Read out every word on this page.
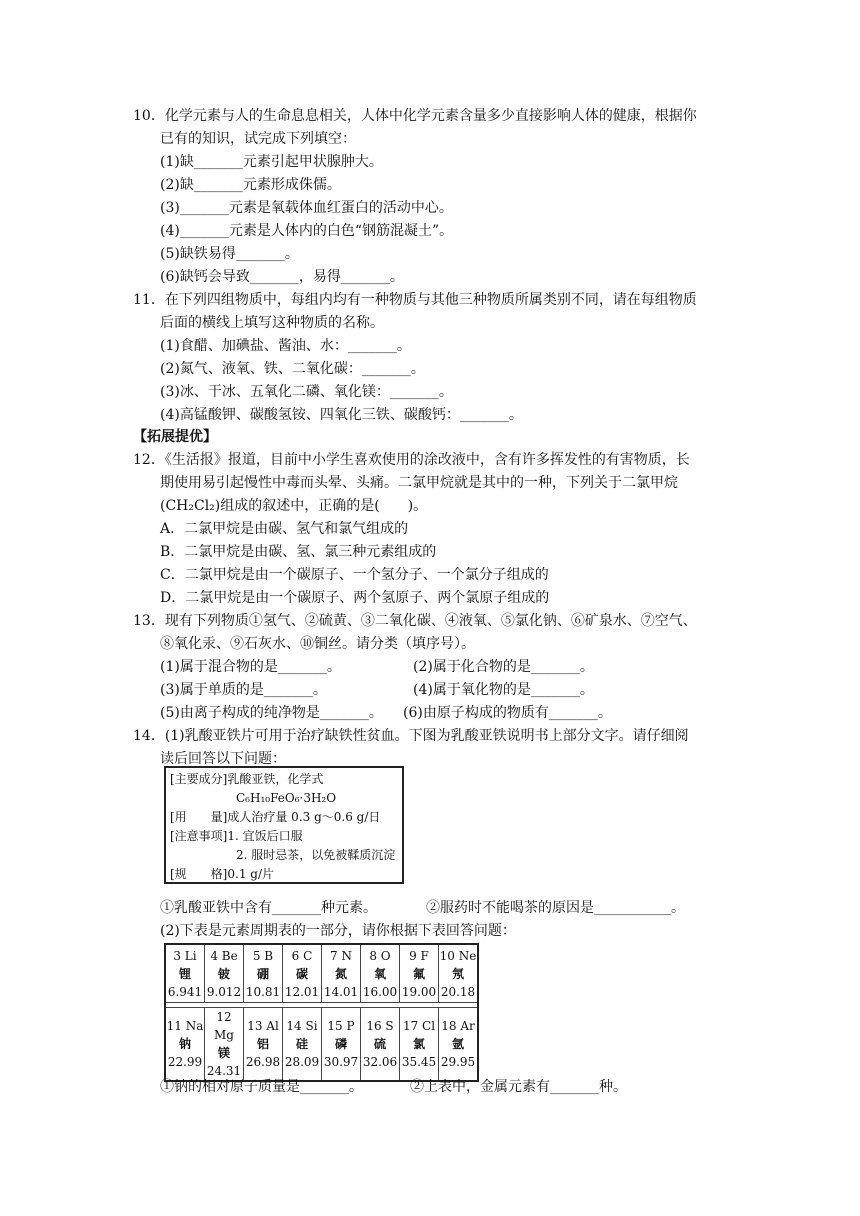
10．化学元素与人的生命息息相关，人体中化学元素含量多少直接影响人体的健康，根据你
已有的知识，试完成下列填空：
(1)缺_______元素引起甲状腺肿大。
(2)缺_______元素形成侏儒。
(3)_______元素是氧载体血红蛋白的活动中心。
(4)_______元素是人体内的白色“钢筋混凝土”。
(5)缺铁易得_______。
(6)缺钙会导致_______，易得_______。
11．在下列四组物质中，每组内均有一种物质与其他三种物质所属类别不同，请在每组物质
后面的横线上填写这种物质的名称。
(1)食醋、加碘盐、酱油、水：_______。
(2)氮气、液氧、铁、二氧化碳：_______。
(3)冰、干冰、五氧化二磷、氧化镁：_______。
(4)高锰酸钾、碳酸氢铵、四氧化三铁、碳酸钙：_______。
【拓展提优】
12．《生活报》报道，目前中小学生喜欢使用的涂改液中，含有许多挥发性的有害物质，长
期使用易引起慢性中毒而头晕、头痛。二氯甲烷就是其中的一种，下列关于二氯甲烷
(CH₂Cl₂)组成的叙述中，正确的是(　　)。
A．二氯甲烷是由碳、氢气和氯气组成的
B．二氯甲烷是由碳、氢、氯三种元素组成的
C．二氯甲烷是由一个碳原子、一个氢分子、一个氯分子组成的
D．二氯甲烷是由一个碳原子、两个氢原子、两个氯原子组成的
13．现有下列物质①氢气、②硫黄、③二氧化碳、④液氧、⑤氯化钠、⑥矿泉水、⑦空气、
⑧氧化汞、⑨石灰水、⑩铜丝。请分类（填序号）。
(1)属于混合物的是_______。	(2)属于化合物的是_______。
(3)属于单质的是_______。	(4)属于氧化物的是_______。
(5)由离子构成的纯净物是_______。 (6)由原子构成的物质有_______。
14．(1)乳酸亚铁片可用于治疗缺铁性贫血。下图为乳酸亚铁说明书上部分文字。请仔细阅
读后回答以下问题：
[主要成分]乳酸亚铁，化学式
C₆H₁₀FeO₆·3H₂O
[用　　量]成人治疗量 0.3 g～0.6 g/日
[注意事项]1. 宜饭后口服
2. 服时忌茶，以免被鞣质沉淀
[规　　格]0.1 g/片
①乳酸亚铁中含有_______种元素。	②服药时不能喝茶的原因是___________。
(2)下表是元素周期表的一部分，请你根据下表回答问题：
3 Li
锂
6.941	4 Be
铍
9.012	5 B
硼
10.81	6 C
碳
12.01	7 N
氮
14.01	8 O
氧
16.00	9 F
氟
19.00	10 Ne
氖
20.18

11 Na
钠
22.99	12 Mg
镁
24.31	13 Al
铝
26.98	14 Si
硅
28.09	15 P
磷
30.97	16 S
硫
32.06	17 Cl
氯
35.45	18 Ar
氩
29.95
①钠的相对原子质量是_______。	②上表中，金属元素有_______种。
